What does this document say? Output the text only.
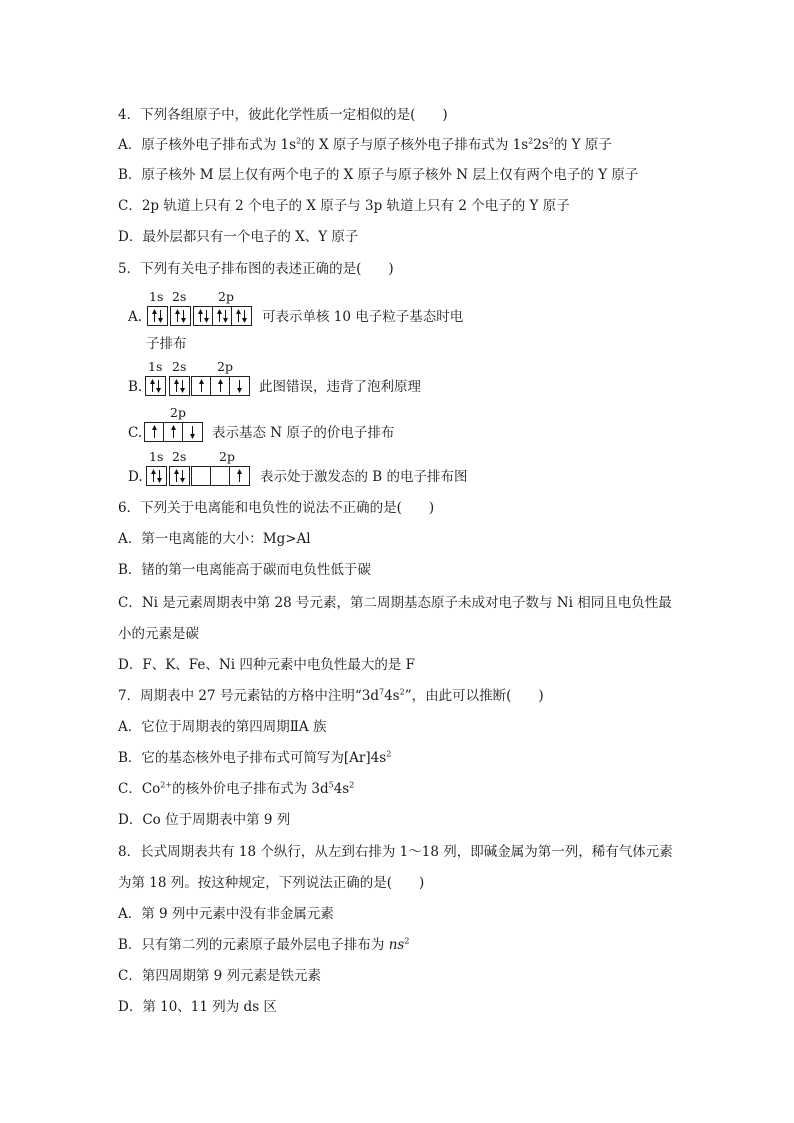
4．下列各组原子中，彼此化学性质一定相似的是(　　)
A．原子核外电子排布式为 $1s^2$的 X 原子与原子核外电子排布式为 $1s^22s^2$的 Y 原子
B．原子核外 M 层上仅有两个电子的 X 原子与原子核外 N 层上仅有两个电子的 Y 原子
C．2p 轨道上只有 2 个电子的 X 原子与 3p 轨道上只有 2 个电子的 Y 原子
D．最外层都只有一个电子的 X、Y 原子
5．下列有关电子排布图的表述正确的是(　　)
A.
1s 2s	2p
可表示单核 10 电子粒子基态时电
子排布
B.
1s 2s 2p
此图错误，违背了泡利原理
C.
2p
表示基态 N 原子的价电子排布
D.
1s 2s	2p
表示处于激发态的 B 的电子排布图
6．下列关于电离能和电负性的说法不正确的是(　　)
A．第一电离能的大小：Mg>Al
B．锗的第一电离能高于碳而电负性低于碳
C．Ni 是元素周期表中第 28 号元素，第二周期基态原子未成对电子数与 Ni 相同且电负性最
小的元素是碳
D．F、K、Fe、Ni 四种元素中电负性最大的是 F
7．周期表中 27 号元素钴的方格中注明“$3d^74s^2$”，由此可以推断(　　)
A．它位于周期表的第四周期ⅡA 族
B．它的基态核外电子排布式可简写为$[Ar]4s^2$
C．$Co^{2+}$的核外价电子排布式为 $3d^54s^2$
D．Co 位于周期表中第 9 列
8．长式周期表共有 18 个纵行，从左到右排为 1～18 列，即碱金属为第一列，稀有气体元素
为第 18 列。按这种规定，下列说法正确的是(　　)
A．第 9 列中元素中没有非金属元素
B．只有第二列的元素原子最外层电子排布为 $ns^2$
C．第四周期第 9 列元素是铁元素
D．第 10、11 列为 ds 区
